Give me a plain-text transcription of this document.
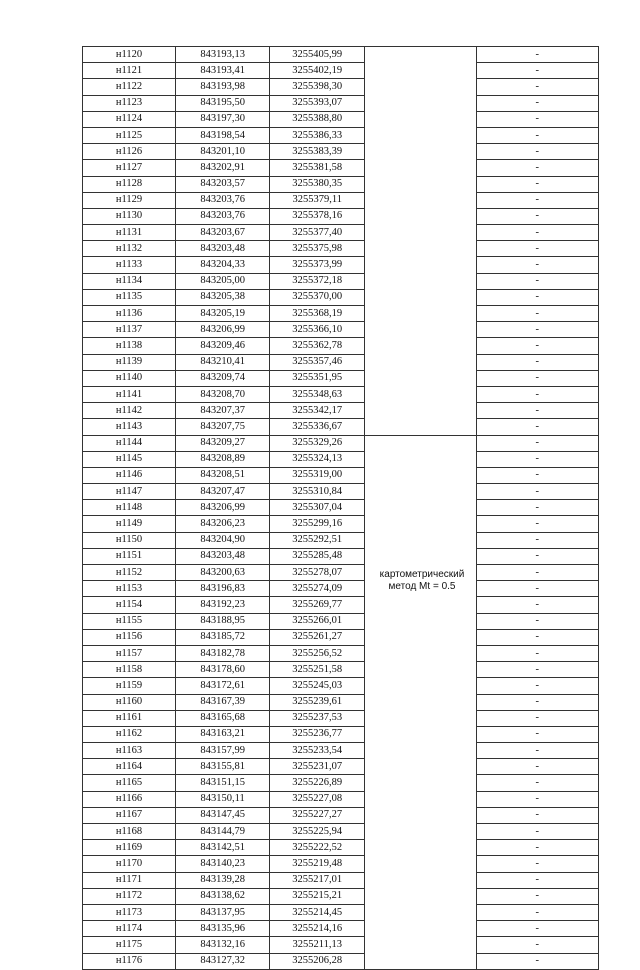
н1120	843193,13	3255405,99		-
н1121	843193,41	3255402,19		-
н1122	843193,98	3255398,30		-
н1123	843195,50	3255393,07		-
н1124	843197,30	3255388,80		-
н1125	843198,54	3255386,33		-
н1126	843201,10	3255383,39		-
н1127	843202,91	3255381,58		-
н1128	843203,57	3255380,35		-
н1129	843203,76	3255379,11		-
н1130	843203,76	3255378,16		-
н1131	843203,67	3255377,40		-
н1132	843203,48	3255375,98		-
н1133	843204,33	3255373,99		-
н1134	843205,00	3255372,18		-
н1135	843205,38	3255370,00		-
н1136	843205,19	3255368,19		-
н1137	843206,99	3255366,10		-
н1138	843209,46	3255362,78		-
н1139	843210,41	3255357,46		-
н1140	843209,74	3255351,95		-
н1141	843208,70	3255348,63		-
н1142	843207,37	3255342,17		-
н1143	843207,75	3255336,67		-
н1144	843209,27	3255329,26		-
н1145	843208,89	3255324,13		-
н1146	843208,51	3255319,00		-
н1147	843207,47	3255310,84		-
н1148	843206,99	3255307,04		-
н1149	843206,23	3255299,16		-
н1150	843204,90	3255292,51		-
н1151	843203,48	3255285,48		-
н1152	843200,63	3255278,07		-
н1153	843196,83	3255274,09		-
н1154	843192,23	3255269,77		-
н1155	843188,95	3255266,01		-
н1156	843185,72	3255261,27		-
н1157	843182,78	3255256,52		-
н1158	843178,60	3255251,58		-
н1159	843172,61	3255245,03		-
н1160	843167,39	3255239,61		-
н1161	843165,68	3255237,53		-
н1162	843163,21	3255236,77		-
н1163	843157,99	3255233,54		-
н1164	843155,81	3255231,07		-
н1165	843151,15	3255226,89		-
н1166	843150,11	3255227,08		-
н1167	843147,45	3255227,27		-
н1168	843144,79	3255225,94		-
н1169	843142,51	3255222,52		-
н1170	843140,23	3255219,48		-
н1171	843139,28	3255217,01		-
н1172	843138,62	3255215,21		-
н1173	843137,95	3255214,45		-
н1174	843135,96	3255214,16		-
н1175	843132,16	3255211,13		-
н1176	843127,32	3255206,28		-
картометрический метод Mt = 0.5
